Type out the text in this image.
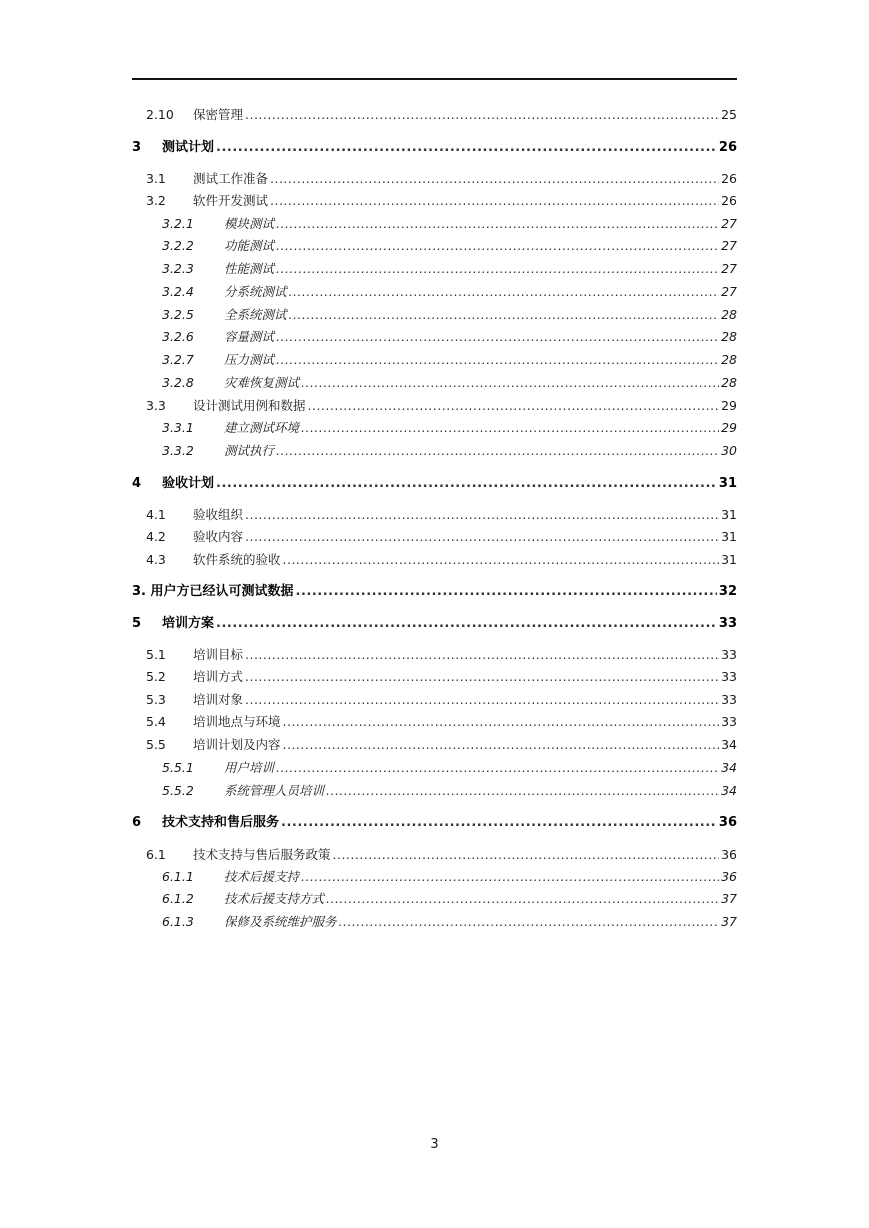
2.10 保密管理 .....	25
3 测试计划 .....	26
3.1 测试工作准备 .....	26
3.2 软件开发测试 .....	26
3.2.1 模块测试 .....	27
3.2.2 功能测试 .....	27
3.2.3 性能测试 .....	27
3.2.4 分系统测试 .....	27
3.2.5 全系统测试 .....	28
3.2.6 容量测试 .....	28
3.2.7 压力测试 .....	28
3.2.8 灾难恢复测试 .....	28
3.3 设计测试用例和数据 .....	29
3.3.1 建立测试环境 .....	29
3.3.2 测试执行 .....	30
4 验收计划 .....	31
4.1 验收组织 .....	31
4.2 验收内容 .....	31
4.3 软件系统的验收 .....	31
3. 用户方已经认可测试数据 .....	32
5 培训方案 .....	33
5.1 培训目标 .....	33
5.2 培训方式 .....	33
5.3 培训对象 .....	33
5.4 培训地点与环境 .....	33
5.5 培训计划及内容 .....	34
5.5.1 用户培训 .....	34
5.5.2 系统管理人员培训 .....	34
6 技术支持和售后服务 .....	36
6.1 技术支持与售后服务政策 .....	36
6.1.1 技术后援支持 .....	36
6.1.2 技术后援支持方式 .....	37
6.1.3 保修及系统维护服务 .....	37
3
